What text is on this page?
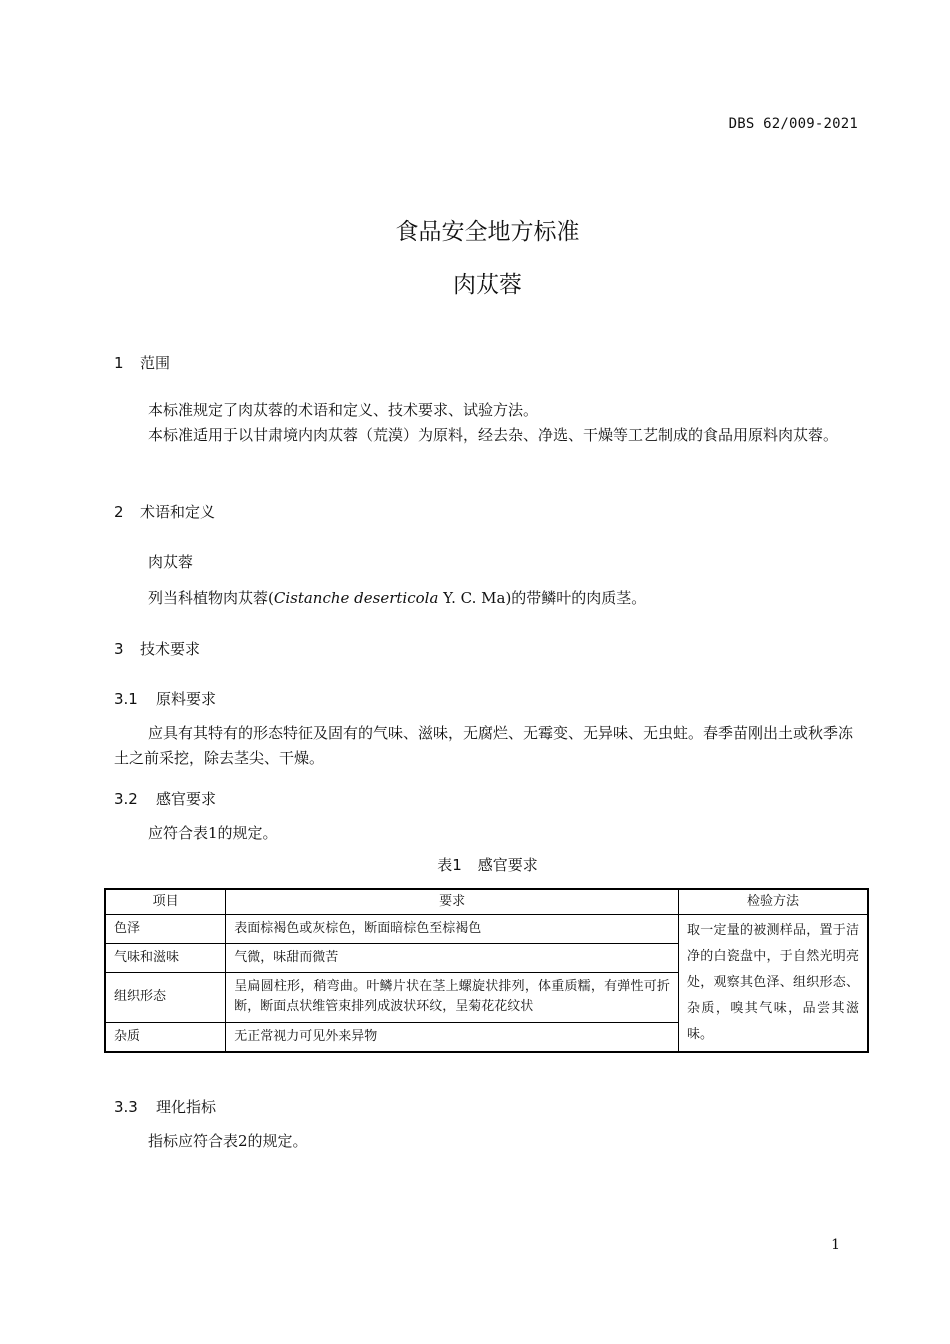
DBS 62/009-2021
食品安全地方标准
肉苁蓉
1 范围
本标准规定了肉苁蓉的术语和定义、技术要求、试验方法。
本标准适用于以甘肃境内肉苁蓉（荒漠）为原料，经去杂、净选、干燥等工艺制成的食品用原料肉苁蓉。
2 术语和定义
肉苁蓉
列当科植物肉苁蓉(Cistanche deserticola Y. C. Ma)的带鳞叶的肉质茎。
3 技术要求
3.1 原料要求
应具有其特有的形态特征及固有的气味、滋味，无腐烂、无霉变、无异味、无虫蛀。春季苗刚出土或秋季冻土之前采挖，除去茎尖、干燥。
3.2 感官要求
应符合表1的规定。
表1 感官要求
项目	要求	检验方法
色泽	表面棕褐色或灰棕色，断面暗棕色至棕褐色	取一定量的被测样品，置于洁净的白瓷盘中，于自然光明亮处，观察其色泽、组织形态、杂质，嗅其气味，品尝其滋味。
气味和滋味	气微，味甜而微苦	
组织形态	呈扁圆柱形，稍弯曲。叶鳞片状在茎上螺旋状排列，体重质糯，有弹性可折断，断面点状维管束排列成波状环纹，呈菊花花纹状	
杂质	无正常视力可见外来异物	
3.3 理化指标
指标应符合表2的规定。
1
